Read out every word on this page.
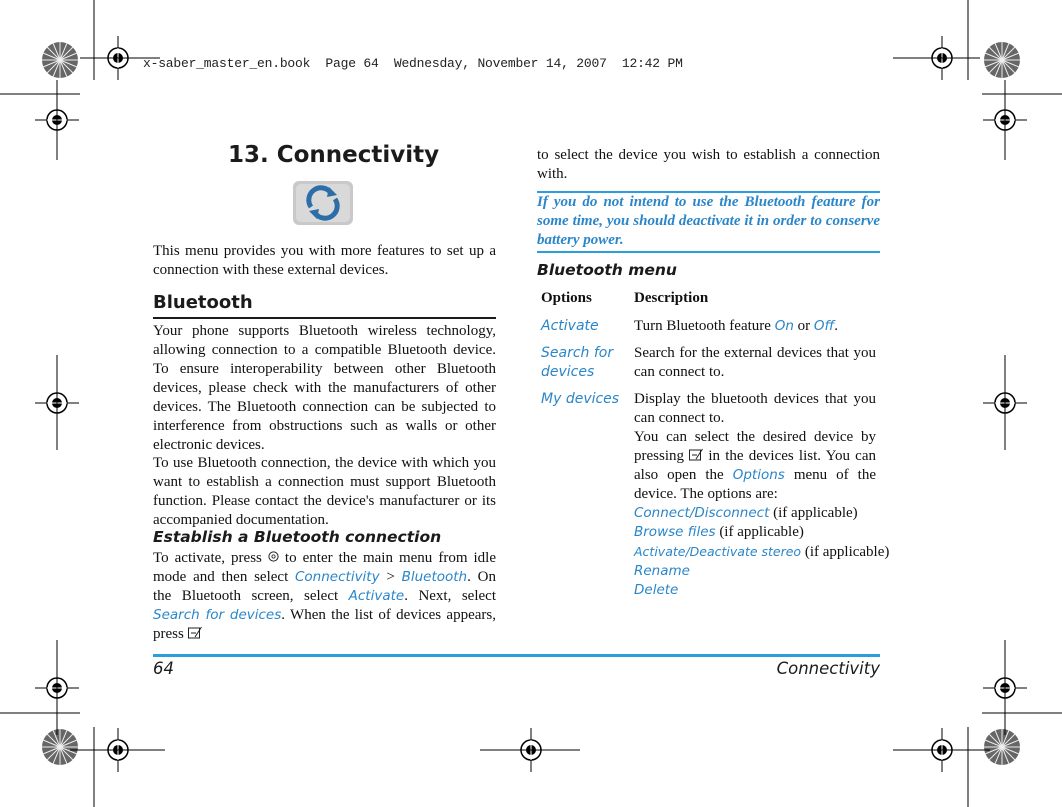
x-saber_master_en.book  Page 64  Wednesday, November 14, 2007  12:42 PM
13. Connectivity
This menu provides you with more features to set up a connection with these external devices.
Bluetooth
Your phone supports Bluetooth wireless technology, allowing connection to a compatible Bluetooth device. To ensure interoperability between other Bluetooth devices, please check with the manufacturers of other devices. The Bluetooth connection can be subjected to interference from obstructions such as walls or other electronic devices.
To use Bluetooth connection, the device with which you want to establish a connection must support Bluetooth function. Please contact the device's manufacturer or its accompanied documentation.
Establish a Bluetooth connection
To activate, press  to enter the main menu from idle mode and then select Connectivity > Bluetooth. On the Bluetooth screen, select Activate. Next, select Search for devices. When the list of devices appears, press
to select the device you wish to establish a connection with.
If you do not intend to use the Bluetooth feature for some time, you should deactivate it in order to conserve battery power.
Bluetooth menu
Options	Description
Activate Turn Bluetooth feature On or Off.
Search for devices
Search for the external devices that you can connect to.
My devices Display the bluetooth devices that you can connect to.
You can select the desired device by pressing  in the devices list. You can also open the Options menu of the device. The options are:
Connect/Disconnect (if applicable)
Browse files (if applicable)
Activate/Deactivate stereo (if applicable)
Rename
Delete
64	Connectivity
